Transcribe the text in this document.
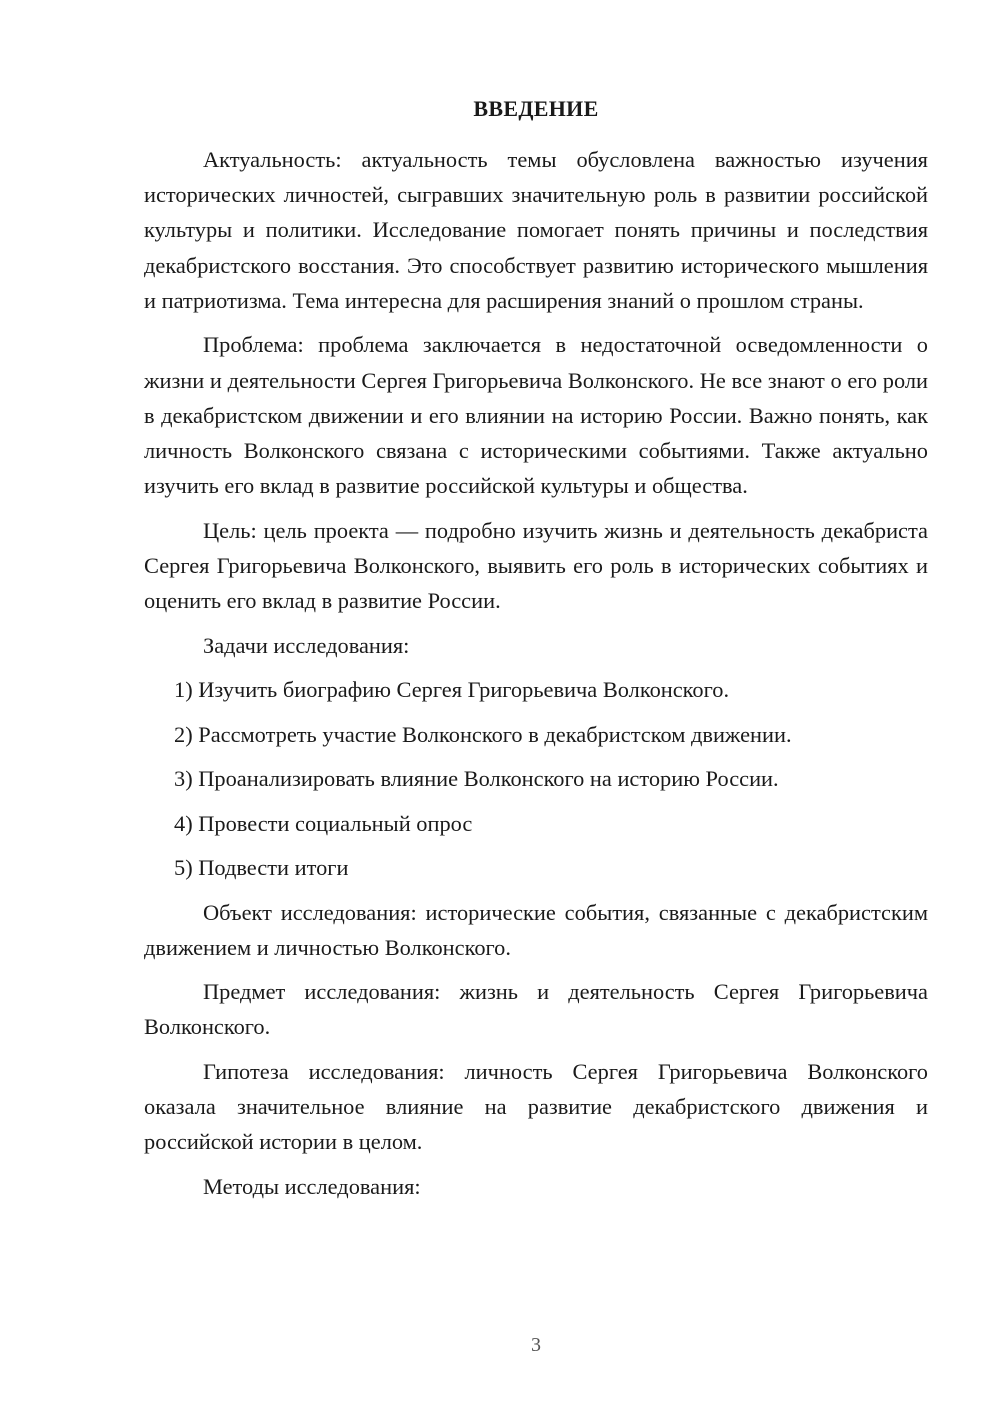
ВВЕДЕНИЕ

Актуальность: актуальность темы обусловлена важностью изучения исторических личностей, сыгравших значительную роль в развитии российской культуры и политики. Исследование помогает понять причины и последствия декабристского восстания. Это способствует развитию исторического мышления и патриотизма. Тема интересна для расширения знаний о прошлом страны.

Проблема: проблема заключается в недостаточной осведомленности о жизни и деятельности Сергея Григорьевича Волконского. Не все знают о его роли в декабристском движении и его влиянии на историю России. Важно понять, как личность Волконского связана с историческими событиями. Также актуально изучить его вклад в развитие российской культуры и общества.

Цель: цель проекта — подробно изучить жизнь и деятельность декабриста Сергея Григорьевича Волконского, выявить его роль в исторических событиях и оценить его вклад в развитие России.

Задачи исследования:

1) Изучить биографию Сергея Григорьевича Волконского.

2) Рассмотреть участие Волконского в декабристском движении.

3) Проанализировать влияние Волконского на историю России.

4) Провести социальный опрос

5) Подвести итоги

Объект исследования: исторические события, связанные с декабристским движением и личностью Волконского.

Предмет исследования: жизнь и деятельность Сергея Григорьевича Волконского.

Гипотеза исследования: личность Сергея Григорьевича Волконского оказала значительное влияние на развитие декабристского движения и российской истории в целом.

Методы исследования:

3
